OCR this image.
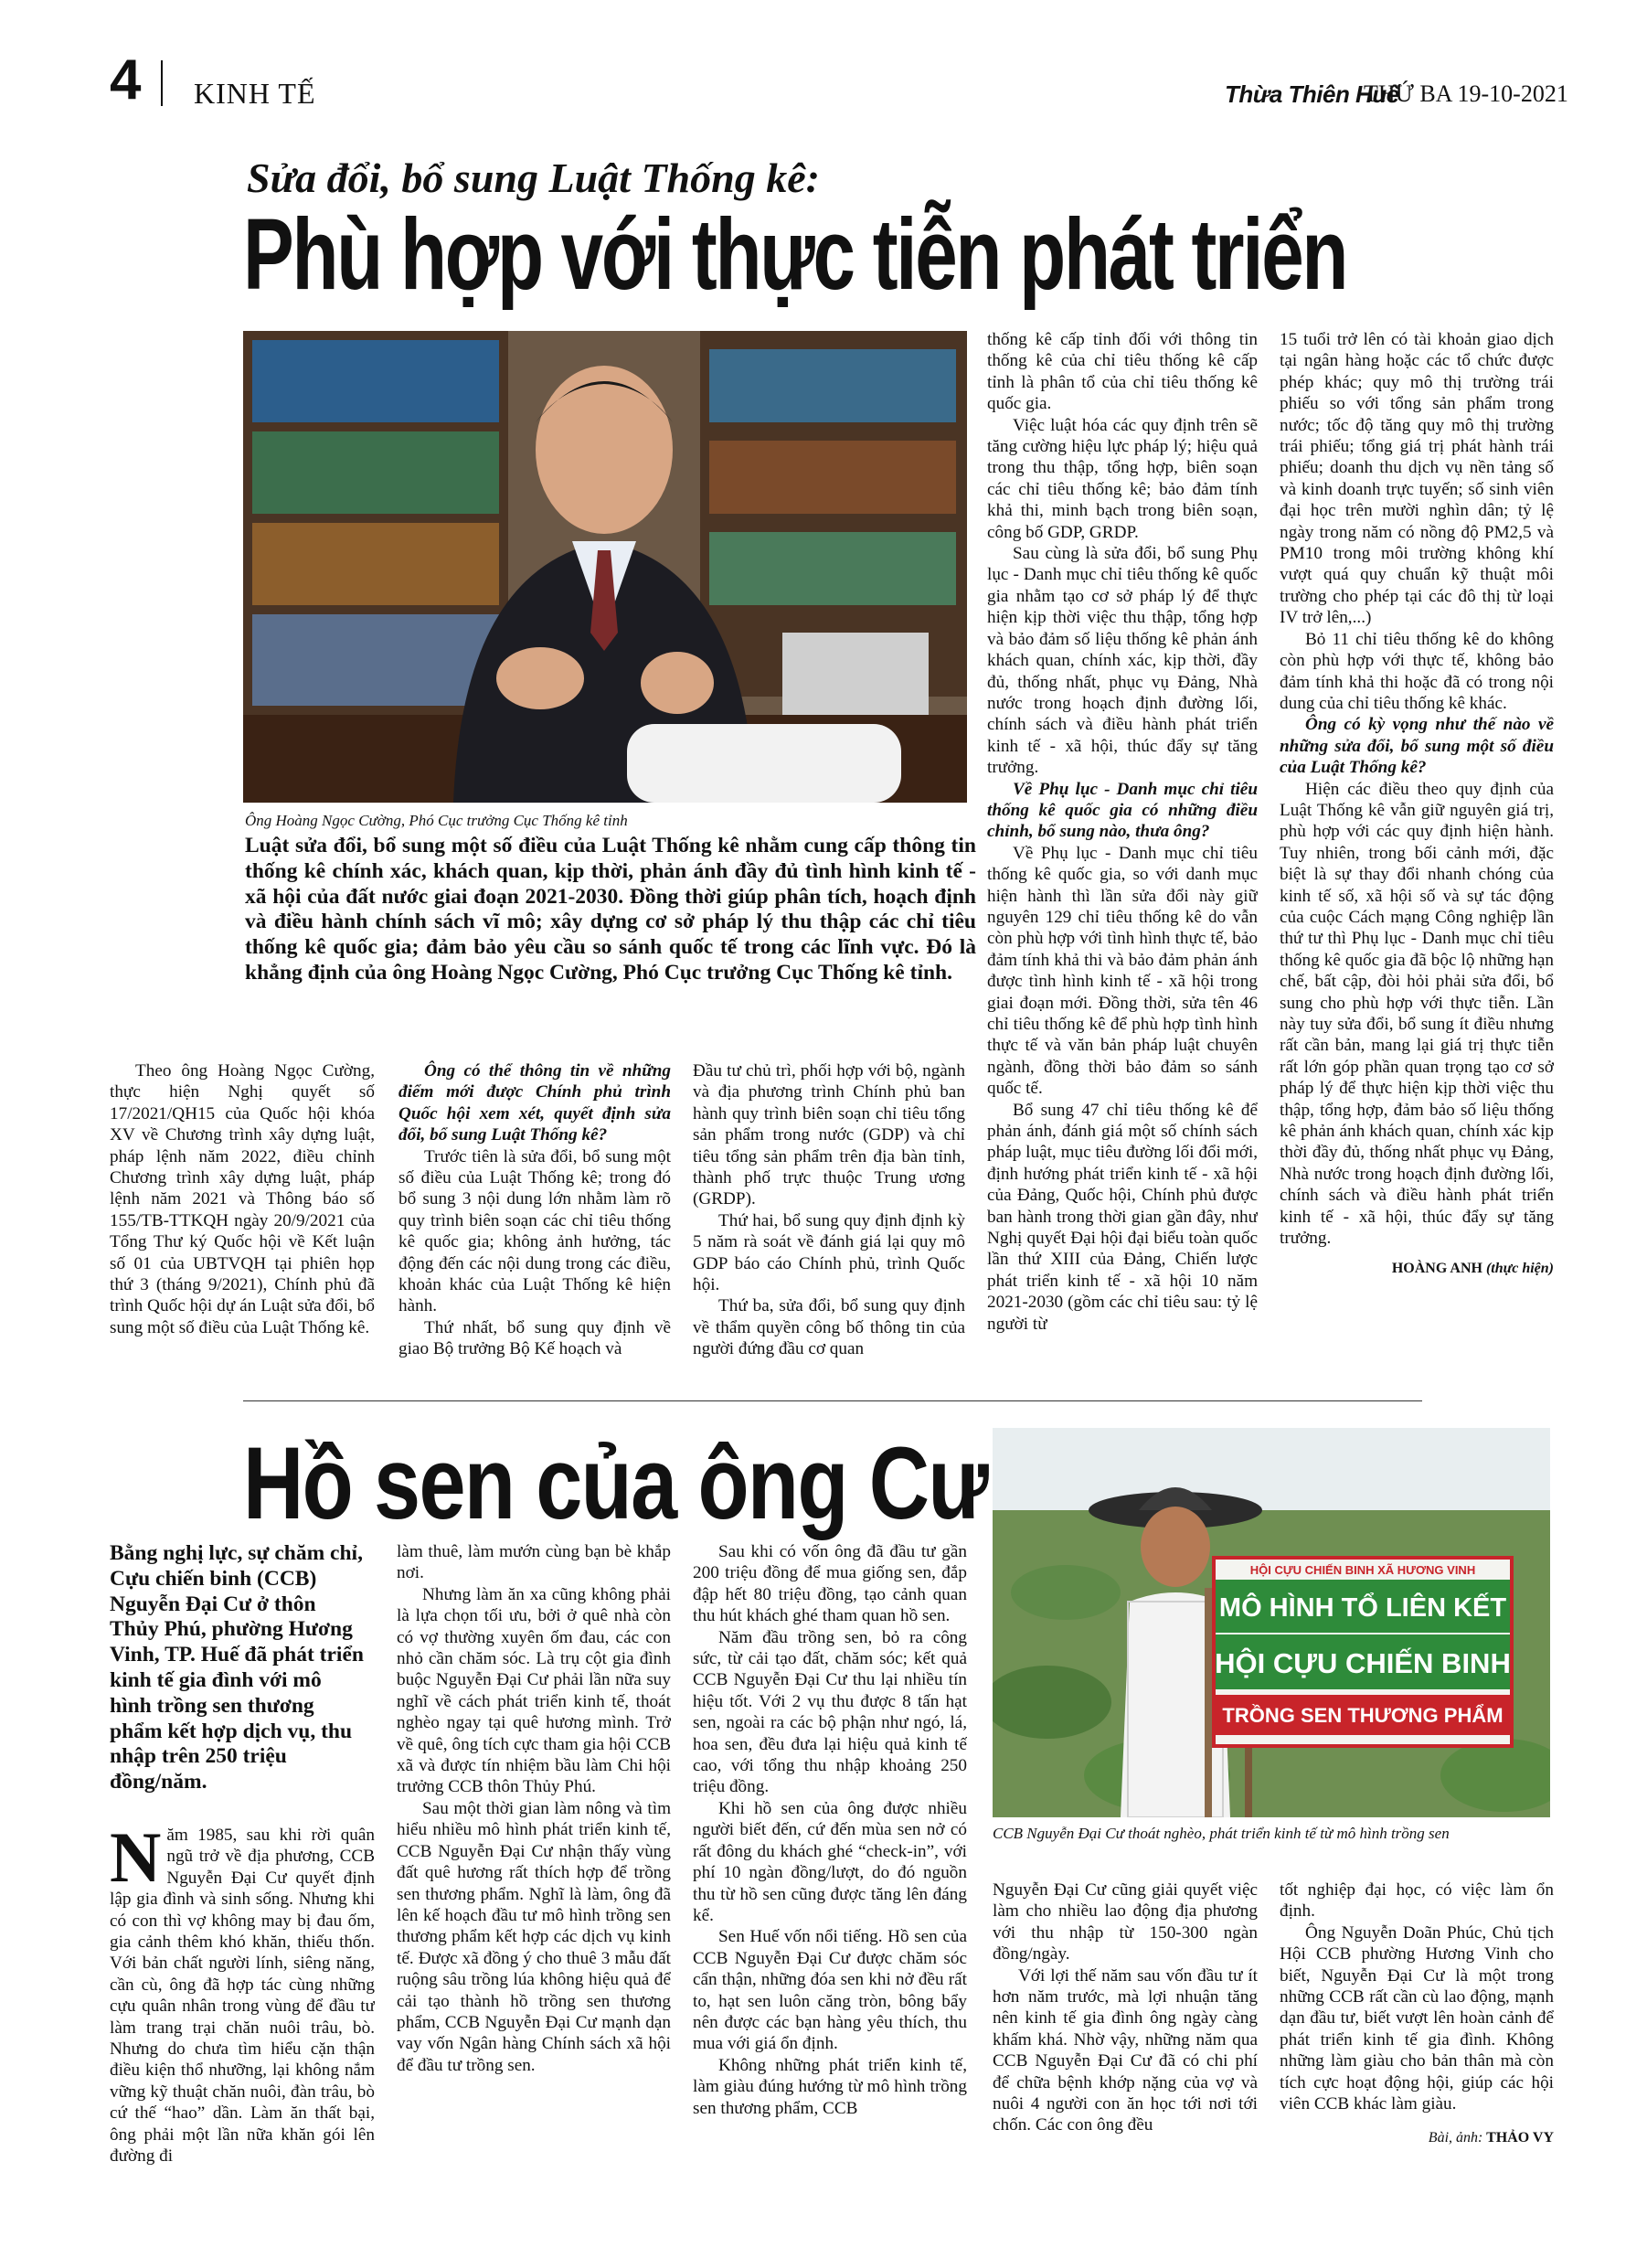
4 KINH TẾ	Thừa Thiên Huế
THỨ BA 19-10-2021
Sửa đổi, bổ sung Luật Thống kê:
Phù hợp với thực tiễn phát triển
Ông Hoàng Ngọc Cường, Phó Cục trưởng Cục Thống kê tỉnh
Luật sửa đổi, bổ sung một số điều của Luật Thống kê nhằm cung cấp thông tin thống kê chính xác, khách quan, kịp thời, phản ánh đầy đủ tình hình kinh tế - xã hội của đất nước giai đoạn 2021-2030. Đồng thời giúp phân tích, hoạch định và điều hành chính sách vĩ mô; xây dựng cơ sở pháp lý thu thập các chỉ tiêu thống kê quốc gia; đảm bảo yêu cầu so sánh quốc tế trong các lĩnh vực. Đó là khẳng định của ông Hoàng Ngọc Cường, Phó Cục trưởng Cục Thống kê tỉnh.

Theo ông Hoàng Ngọc Cường, thực hiện Nghị quyết số 17/2021/QH15 của Quốc hội khóa XV về Chương trình xây dựng luật, pháp lệnh năm 2022, điều chỉnh Chương trình xây dựng luật, pháp lệnh năm 2021 và Thông báo số 155/TB-TTKQH ngày 20/9/2021 của Tổng Thư ký Quốc hội về Kết luận số 01 của UBTVQH tại phiên họp thứ 3 (tháng 9/2021), Chính phủ đã trình Quốc hội dự án Luật sửa đổi, bổ sung một số điều của Luật Thống kê.

Ông có thể thông tin về những điểm mới được Chính phủ trình Quốc hội xem xét, quyết định sửa đổi, bổ sung Luật Thống kê?

Trước tiên là sửa đổi, bổ sung một số điều của Luật Thống kê; trong đó bổ sung 3 nội dung lớn nhằm làm rõ quy trình biên soạn các chỉ tiêu thống kê quốc gia; không ảnh hưởng, tác động đến các nội dung trong các điều, khoản khác của Luật Thống kê hiện hành.

Thứ nhất, bổ sung quy định về giao Bộ trưởng Bộ Kế hoạch và

Đầu tư chủ trì, phối hợp với bộ, ngành và địa phương trình Chính phủ ban hành quy trình biên soạn chỉ tiêu tổng sản phẩm trong nước (GDP) và chỉ tiêu tổng sản phẩm trên địa bàn tỉnh, thành phố trực thuộc Trung ương (GRDP).

Thứ hai, bổ sung quy định định kỳ 5 năm rà soát về đánh giá lại quy mô GDP báo cáo Chính phủ, trình Quốc hội.

Thứ ba, sửa đổi, bổ sung quy định về thẩm quyền công bố thông tin của người đứng đầu cơ quan

thống kê cấp tỉnh đối với thông tin thống kê của chỉ tiêu thống kê cấp tỉnh là phân tổ của chỉ tiêu thống kê quốc gia.

Việc luật hóa các quy định trên sẽ tăng cường hiệu lực pháp lý; hiệu quả trong thu thập, tổng hợp, biên soạn các chỉ tiêu thống kê; bảo đảm tính khả thi, minh bạch trong biên soạn, công bố GDP, GRDP.

Sau cùng là sửa đổi, bổ sung Phụ lục - Danh mục chỉ tiêu thống kê quốc gia nhằm tạo cơ sở pháp lý để thực hiện kịp thời việc thu thập, tổng hợp và bảo đảm số liệu thống kê phản ánh khách quan, chính xác, kịp thời, đầy đủ, thống nhất, phục vụ Đảng, Nhà nước trong hoạch định đường lối, chính sách và điều hành phát triển kinh tế - xã hội, thúc đẩy sự tăng trưởng.

Về Phụ lục - Danh mục chỉ tiêu thống kê quốc gia có những điều chỉnh, bổ sung nào, thưa ông?

Về Phụ lục - Danh mục chỉ tiêu thống kê quốc gia, so với danh mục hiện hành thì lần sửa đổi này giữ nguyên 129 chỉ tiêu thống kê do vẫn còn phù hợp với tình hình thực tế, bảo đảm tính khả thi và bảo đảm phản ánh được tình hình kinh tế - xã hội trong giai đoạn mới. Đồng thời, sửa tên 46 chỉ tiêu thống kê để phù hợp tình hình thực tế và văn bản pháp luật chuyên ngành, đồng thời bảo đảm so sánh quốc tế.

Bổ sung 47 chỉ tiêu thống kê để phản ánh, đánh giá một số chính sách pháp luật, mục tiêu đường lối đổi mới, định hướng phát triển kinh tế - xã hội của Đảng, Quốc hội, Chính phủ được ban hành trong thời gian gần đây, như Nghị quyết Đại hội đại biểu toàn quốc lần thứ XIII của Đảng, Chiến lược phát triển kinh tế - xã hội 10 năm 2021-2030 (gồm các chỉ tiêu sau: tỷ lệ người từ

15 tuổi trở lên có tài khoản giao dịch tại ngân hàng hoặc các tổ chức được phép khác; quy mô thị trường trái phiếu so với tổng sản phẩm trong nước; tốc độ tăng quy mô thị trường trái phiếu; tổng giá trị phát hành trái phiếu; doanh thu dịch vụ nền tảng số và kinh doanh trực tuyến; số sinh viên đại học trên mười nghìn dân; tỷ lệ ngày trong năm có nồng độ PM2,5 và PM10 trong môi trường không khí vượt quá quy chuẩn kỹ thuật môi trường cho phép tại các đô thị từ loại IV trở lên,...)

Bỏ 11 chỉ tiêu thống kê do không còn phù hợp với thực tế, không bảo đảm tính khả thi hoặc đã có trong nội dung của chỉ tiêu thống kê khác.

Ông có kỳ vọng như thế nào về những sửa đổi, bổ sung một số điều của Luật Thống kê?

Hiện các điều theo quy định của Luật Thống kê vẫn giữ nguyên giá trị, phù hợp với các quy định hiện hành. Tuy nhiên, trong bối cảnh mới, đặc biệt là sự thay đổi nhanh chóng của kinh tế số, xã hội số và sự tác động của cuộc Cách mạng Công nghiệp lần thứ tư thì Phụ lục - Danh mục chỉ tiêu thống kê quốc gia đã bộc lộ những hạn chế, bất cập, đòi hỏi phải sửa đổi, bổ sung cho phù hợp với thực tiễn. Lần này tuy sửa đổi, bổ sung ít điều nhưng rất cần bản, mang lại giá trị thực tiễn rất lớn góp phần quan trọng tạo cơ sở pháp lý để thực hiện kịp thời việc thu thập, tổng hợp, đảm bảo số liệu thống kê phản ánh khách quan, chính xác kịp thời đầy đủ, thống nhất phục vụ Đảng, Nhà nước trong hoạch định đường lối, chính sách và điều hành phát triển kinh tế - xã hội, thúc đẩy sự tăng trưởng.

HOÀNG ANH (thực hiện)
Hồ sen của ông Cư
HỘI CỰU CHIẾN BINH XÃ HƯƠNG VINH
MÔ HÌNH TỔ LIÊN KẾT
HỘI CỰU CHIẾN BINH
TRỒNG SEN THƯƠNG PHẨM
CCB Nguyễn Đại Cư thoát nghèo, phát triển kinh tế từ mô hình trồng sen
Bằng nghị lực, sự chăm chỉ, Cựu chiến binh (CCB) Nguyễn Đại Cư ở thôn Thủy Phú, phường Hương Vinh, TP. Huế đã phát triển kinh tế gia đình với mô hình trồng sen thương phẩm kết hợp dịch vụ, thu nhập trên 250 triệu đồng/năm.

Năm 1985, sau khi rời quân ngũ trở về địa phương, CCB Nguyễn Đại Cư quyết định lập gia đình và sinh sống. Nhưng khi có con thì vợ không may bị đau ốm, gia cảnh thêm khó khăn, thiếu thốn. Với bản chất người lính, siêng năng, cần cù, ông đã hợp tác cùng những cựu quân nhân trong vùng để đầu tư làm trang trại chăn nuôi trâu, bò. Nhưng do chưa tìm hiểu cặn thận điều kiện thổ nhưỡng, lại không nắm vững kỹ thuật chăn nuôi, đàn trâu, bò cứ thế “hao” dần. Làm ăn thất bại, ông phải một lần nữa khăn gói lên đường đi

làm thuê, làm mướn cùng bạn bè khắp nơi.

Nhưng làm ăn xa cũng không phải là lựa chọn tối ưu, bởi ở quê nhà còn có vợ thường xuyên ốm đau, các con nhỏ cần chăm sóc. Là trụ cột gia đình buộc Nguyễn Đại Cư phải lần nữa suy nghĩ về cách phát triển kinh tế, thoát nghèo ngay tại quê hương mình. Trở về quê, ông tích cực tham gia hội CCB xã và được tín nhiệm bầu làm Chi hội trưởng CCB thôn Thủy Phú.

Sau một thời gian làm nông và tìm hiểu nhiều mô hình phát triển kinh tế, CCB Nguyễn Đại Cư nhận thấy vùng đất quê hương rất thích hợp để trồng sen thương phẩm. Nghĩ là làm, ông đã lên kế hoạch đầu tư mô hình trồng sen thương phẩm kết hợp các dịch vụ kinh tế. Được xã đồng ý cho thuê 3 mẫu đất ruộng sâu trồng lúa không hiệu quả để cải tạo thành hồ trồng sen thương phẩm, CCB Nguyễn Đại Cư mạnh dạn vay vốn Ngân hàng Chính sách xã hội để đầu tư trồng sen.

Sau khi có vốn ông đã đầu tư gần 200 triệu đồng để mua giống sen, đắp đập hết 80 triệu đồng, tạo cảnh quan thu hút khách ghé tham quan hồ sen.

Năm đầu trồng sen, bỏ ra công sức, từ cải tạo đất, chăm sóc; kết quả CCB Nguyễn Đại Cư thu lại nhiều tín hiệu tốt. Với 2 vụ thu được 8 tấn hạt sen, ngoài ra các bộ phận như ngó, lá, hoa sen, đều đưa lại hiệu quả kinh tế cao, với tổng thu nhập khoảng 250 triệu đồng.

Khi hồ sen của ông được nhiều người biết đến, cứ đến mùa sen nở có rất đông du khách ghé “check-in”, với phí 10 ngàn đồng/lượt, do đó nguồn thu từ hồ sen cũng được tăng lên đáng kể.

Sen Huế vốn nổi tiếng. Hồ sen của CCB Nguyễn Đại Cư được chăm sóc cẩn thận, những đóa sen khi nở đều rất to, hạt sen luôn căng tròn, bông bẩy nên được các bạn hàng yêu thích, thu mua với giá ổn định.

Không những phát triển kinh tế, làm giàu đúng hướng từ mô hình trồng sen thương phẩm, CCB

Nguyễn Đại Cư cũng giải quyết việc làm cho nhiều lao động địa phương với thu nhập từ 150-300 ngàn đồng/ngày.

Với lợi thế năm sau vốn đầu tư ít hơn năm trước, mà lợi nhuận tăng nên kinh tế gia đình ông ngày càng khấm khá. Nhờ vậy, những năm qua CCB Nguyễn Đại Cư đã có chi phí để chữa bệnh khớp nặng của vợ và nuôi 4 người con ăn học tới nơi tới chốn. Các con ông đều

tốt nghiệp đại học, có việc làm ổn định.

Ông Nguyễn Doãn Phúc, Chủ tịch Hội CCB phường Hương Vinh cho biết, Nguyễn Đại Cư là một trong những CCB rất cần cù lao động, mạnh dạn đầu tư, biết vượt lên hoàn cảnh để phát triển kinh tế gia đình. Không những làm giàu cho bản thân mà còn tích cực hoạt động hội, giúp các hội viên CCB khác làm giàu.

Bài, ảnh: THẢO VY
